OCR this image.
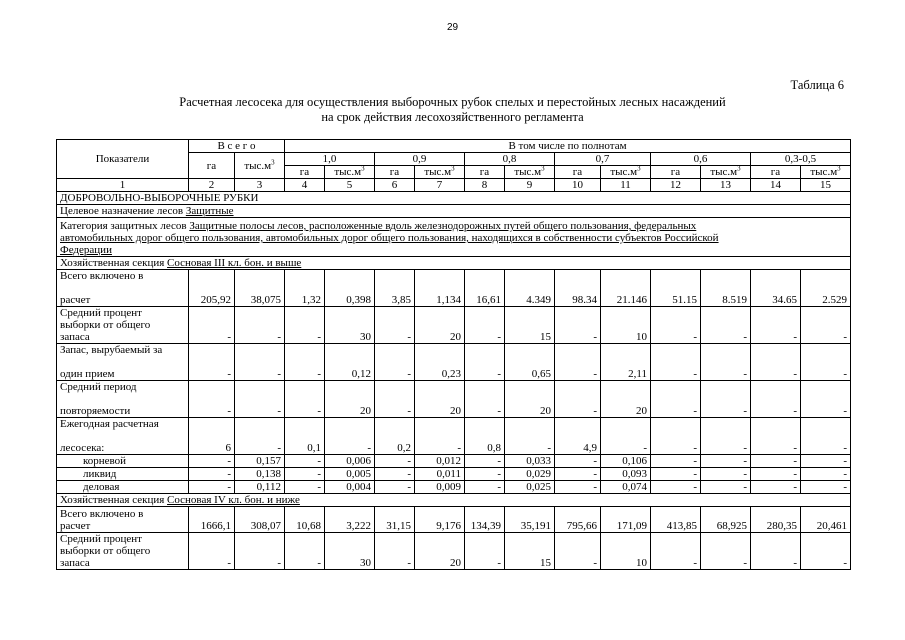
29
Таблица 6
Расчетная лесосека для осуществления выборочных рубок спелых и перестойных лесных насаждений
на срок действия лесохозяйственного регламента
Показатели	В с е г о		В том числе по полнотам											
	га	$тыс.м^3$	1,0		0,9		0,8		0,7		0,6		0,3-0,5	
			га	$тыс.м^3$	га	$тыс.м^3$	га	$тыс.м^3$	га	$тыс.м^3$	га	$тыс.м^3$	га	$тыс.м^3$
1	2	3	4	5	6	7	8	9	10	11	12	13	14	15

ДОБРОВОЛЬНО-ВЫБОРОЧНЫЕ РУБКИ														

Целевое назначение лесов Защитные														

Категория защитных лесов Защитные полосы лесов, расположенные вдоль железнодорожных путей общего пользования, федеральных
автомобильных дорог общего пользования, автомобильных дорог общего пользования, находящихся в собственности субъектов Российской
Федерации														

Хозяйственная секция Сосновая III кл. бон. и выше														

Всего включено в

расчет	205,92	38,075	1,32	0,398	3,85	1,134	16,61	4.349	98.34	21.146	51.15	8.519	34.65	2.529

Средний процент
выборки от общего
запаса	-	-	-	30	-	20	-	15	-	10	-	-	-	-

Запас, вырубаемый за

один прием	-	-	-	0,12	-	0,23	-	0,65	-	2,11	-	-	-	-

Средний период

повторяемости	-	-	-	20	-	20	-	20	-	20	-	-	-	-

Ежегодная расчетная

лесосека:	6	-	0,1	-	0,2	-	0,8	-	4,9	-	-	-	-	-
корневой	-	0,157	-	0,006	-	0,012	-	0,033	-	0,106	-	-	-	-
ликвид	-	0,138	-	0,005	-	0,011	-	0,029	-	0,093	-	-	-	-
деловая	-	0,112	-	0,004	-	0,009	-	0,025	-	0,074	-	-	-	-

Хозяйственная секция Сосновая IV кл. бон. и ниже														

Всего включено в
расчет	1666,1	308,07	10,68	3,222	31,15	9,176	134,39	35,191	795,66	171,09	413,85	68,925	280,35	20,461

Средний процент
выборки от общего
запаса	-	-	-	30	-	20	-	15	-	10	-	-	-	-
